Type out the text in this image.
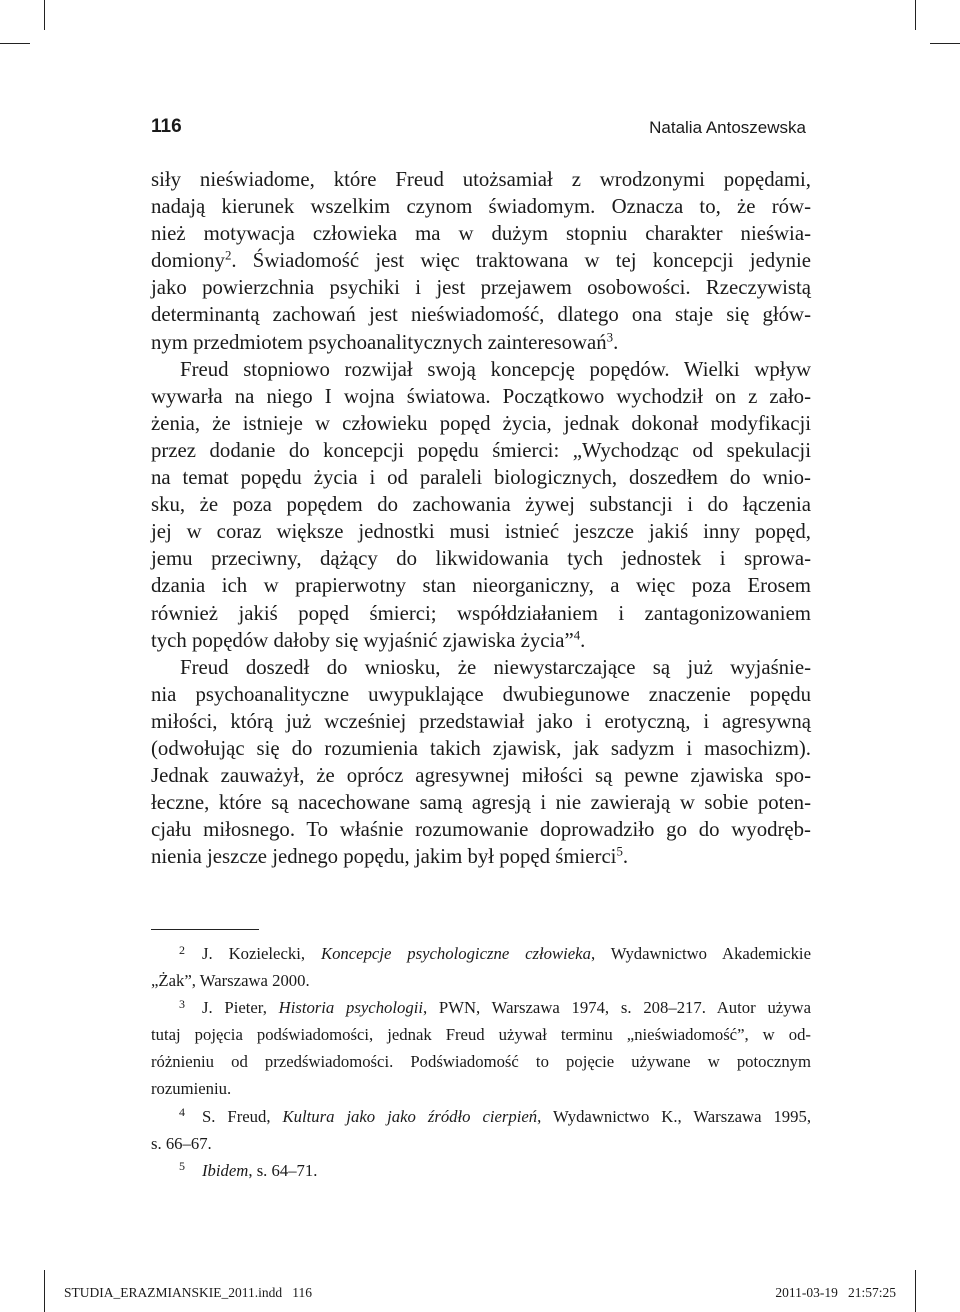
116	Natalia Antoszewska
siły nieświadome, które Freud utożsamiał z wrodzonymi popędami,
nadają kierunek wszelkim czynom świadomym. Oznacza to, że rów-
nież motywacja człowieka ma w dużym stopniu charakter nieświa-
domiony$^2$. Świadomość jest więc traktowana w tej koncepcji jedynie
jako powierzchnia psychiki i jest przejawem osobowości. Rzeczywistą
determinantą zachowań jest nieświadomość, dlatego ona staje się głów-
nym przedmiotem psychoanalitycznych zainteresowań$^3$.
Freud stopniowo rozwijał swoją koncepcję popędów. Wielki wpływ
wywarła na niego I wojna światowa. Początkowo wychodził on z zało-
żenia, że istnieje w człowieku popęd życia, jednak dokonał modyfikacji
przez dodanie do koncepcji popędu śmierci: „Wychodząc od spekulacji
na temat popędu życia i od paraleli biologicznych, doszedłem do wnio-
sku, że poza popędem do zachowania żywej substancji i do łączenia
jej w coraz większe jednostki musi istnieć jeszcze jakiś inny popęd,
jemu przeciwny, dążący do likwidowania tych jednostek i sprowa-
dzania ich w prapierwotny stan nieorganiczny, a więc poza Erosem
również jakiś popęd śmierci; współdziałaniem i zantagonizowaniem
tych popędów dałoby się wyjaśnić zjawiska życia”$^4$.
Freud doszedł do wniosku, że niewystarczające są już wyjaśnie-
nia psychoanalityczne uwypuklające dwubiegunowe znaczenie popędu
miłości, którą już wcześniej przedstawiał jako i erotyczną, i agresywną
(odwołując się do rozumienia takich zjawisk, jak sadyzm i masochizm).
Jednak zauważył, że oprócz agresywnej miłości są pewne zjawiska spo-
łeczne, które są nacechowane samą agresją i nie zawierają w sobie poten-
cjału miłosnego. To właśnie rozumowanie doprowadziło go do wyodręb-
nienia jeszcze jednego popędu, jakim był popęd śmierci$^5$.
2 J. Kozielecki, Koncepcje psychologiczne człowieka, Wydawnictwo Akademickie
„Żak”, Warszawa 2000.
3 J. Pieter, Historia psychologii, PWN, Warszawa 1974, s. 208–217. Autor używa
tutaj pojęcia podświadomości, jednak Freud używał terminu „nieświadomość”, w od-
różnieniu od przedświadomości. Podświadomość to pojęcie używane w potocznym
rozumieniu.
4 S. Freud, Kultura jako jako źródło cierpień, Wydawnictwo K., Warszawa 1995,
s. 66–67.
5 Ibidem, s. 64–71.
STUDIA_ERAZMIANSKIE_2011.indd   116	2011-03-19   21:57:25
